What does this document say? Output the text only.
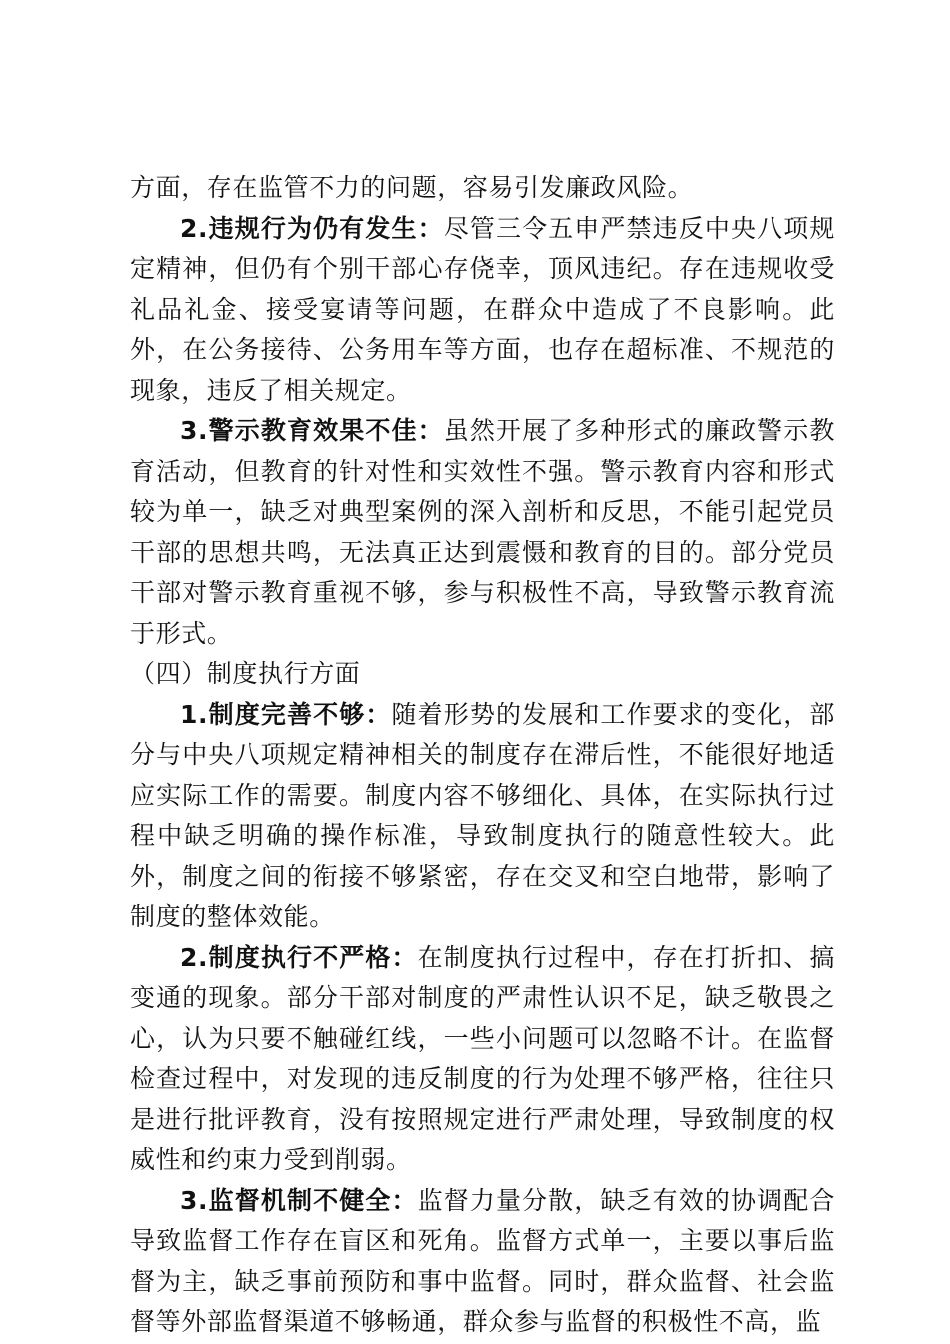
方面，存在监管不力的问题，容易引发廉政风险。

2.违规行为仍有发生：尽管三令五申严禁违反中央八项规定精神，但仍有个别干部心存侥幸，顶风违纪。存在违规收受礼品礼金、接受宴请等问题，在群众中造成了不良影响。此外，在公务接待、公务用车等方面，也存在超标准、不规范的现象，违反了相关规定。

3.警示教育效果不佳：虽然开展了多种形式的廉政警示教育活动，但教育的针对性和实效性不强。警示教育内容和形式较为单一，缺乏对典型案例的深入剖析和反思，不能引起党员干部的思想共鸣，无法真正达到震慑和教育的目的。部分党员干部对警示教育重视不够，参与积极性不高，导致警示教育流于形式。

（四）制度执行方面

1.制度完善不够：随着形势的发展和工作要求的变化，部分与中央八项规定精神相关的制度存在滞后性，不能很好地适应实际工作的需要。制度内容不够细化、具体，在实际执行过程中缺乏明确的操作标准，导致制度执行的随意性较大。此外，制度之间的衔接不够紧密，存在交叉和空白地带，影响了制度的整体效能。

2.制度执行不严格：在制度执行过程中，存在打折扣、搞变通的现象。部分干部对制度的严肃性认识不足，缺乏敬畏之心，认为只要不触碰红线，一些小问题可以忽略不计。在监督检查过程中，对发现的违反制度的行为处理不够严格，往往只是进行批评教育，没有按照规定进行严肃处理，导致制度的权威性和约束力受到削弱。

3.监督机制不健全：监督力量分散，缺乏有效的协调配合导致监督工作存在盲区和死角。监督方式单一，主要以事后监督为主，缺乏事前预防和事中监督。同时，群众监督、社会监督等外部监督渠道不够畅通，群众参与监督的积极性不高，监
